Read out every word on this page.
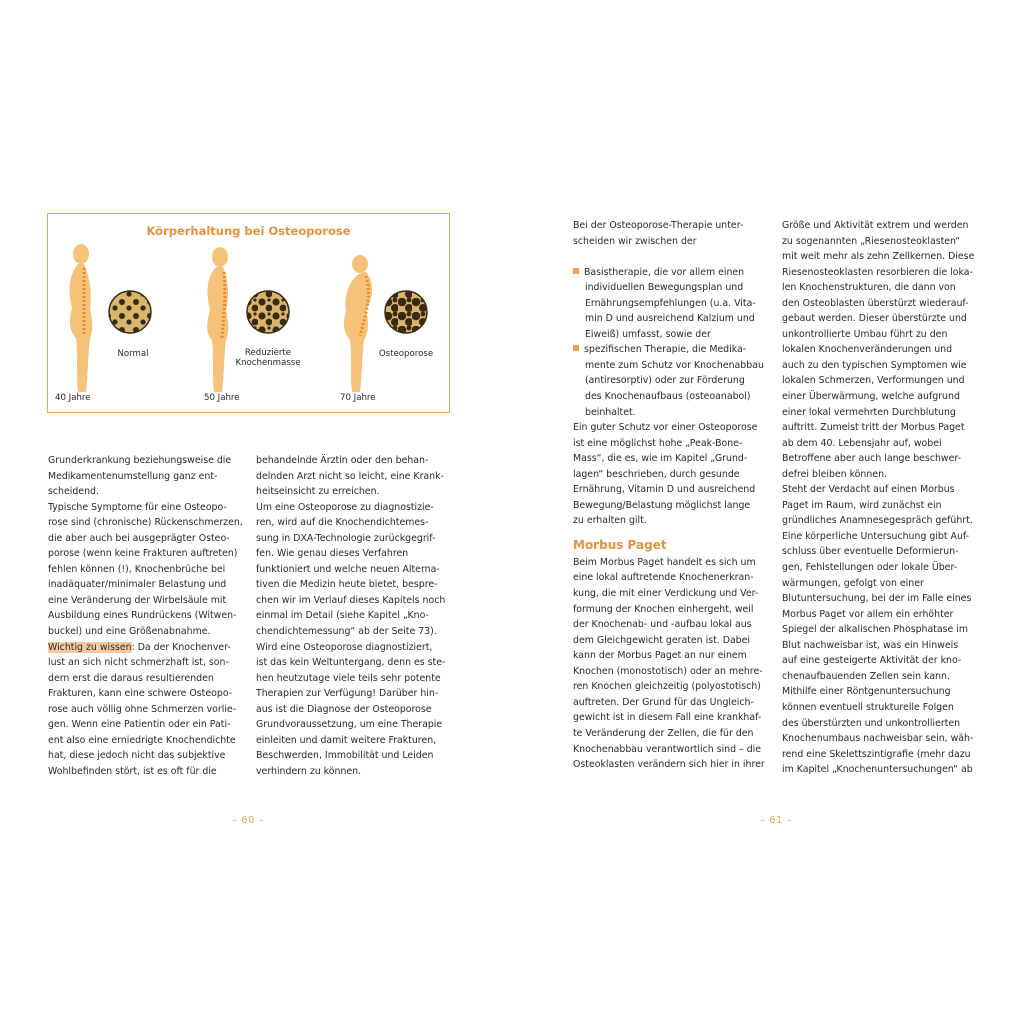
Körperhaltung bei Osteoporose
Normal	Reduzierte
Knochenmasse
Osteoporose
40 Jahre	50 Jahre	70 Jahre
Grunderkrankung beziehungsweise die
Medikamentenumstellung ganz ent-
scheidend.
Typische Symptome für eine Osteopo-
rose sind (chronische) Rückenschmerzen,
die aber auch bei ausgeprägter Osteo-
porose (wenn keine Frakturen auftreten)
fehlen können (!), Knochenbrüche bei
inadäquater/minimaler Belastung und
eine Veränderung der Wirbelsäule mit
Ausbildung eines Rundrückens (Witwen-
buckel) und eine Größenabnahme.
Wichtig zu wissen: Da der Knochenver-
lust an sich nicht schmerzhaft ist, son-
dern erst die daraus resultierenden
Frakturen, kann eine schwere Osteopo-
rose auch völlig ohne Schmerzen vorlie-
gen. Wenn eine Patientin oder ein Pati-
ent also eine erniedrigte Knochendichte
hat, diese jedoch nicht das subjektive
Wohlbefinden stört, ist es oft für die
behandelnde Ärztin oder den behan-
delnden Arzt nicht so leicht, eine Krank-
heitseinsicht zu erreichen.
Um eine Osteoporose zu diagnostizie-
ren, wird auf die Knochendichtemes-
sung in DXA-Technologie zurückgegrif-
fen. Wie genau dieses Verfahren
funktioniert und welche neuen Alterna-
tiven die Medizin heute bietet, bespre-
chen wir im Verlauf dieses Kapitels noch
einmal im Detail (siehe Kapitel „Kno-
chendichtemessung“ ab der Seite 73).
Wird eine Osteoporose diagnostiziert,
ist das kein Weltuntergang, denn es ste-
hen heutzutage viele teils sehr potente
Therapien zur Verfügung! Darüber hin-
aus ist die Diagnose der Osteoporose
Grundvoraussetzung, um eine Therapie
einleiten und damit weitere Frakturen,
Beschwerden, Immobilität und Leiden
verhindern zu können.
– 60 –
Bei der Osteoporose-Therapie unter-
scheiden wir zwischen der
Basistherapie, die vor allem einen
individuellen Bewegungsplan und
Ernährungsempfehlungen (u.a. Vita-
min D und ausreichend Kalzium und
Eiweiß) umfasst, sowie der
spezifischen Therapie, die Medika-
mente zum Schutz vor Knochenabbau
(antiresorptiv) oder zur Förderung
des Knochenaufbaus (osteoanabol)
beinhaltet.
Ein guter Schutz vor einer Osteoporose
ist eine möglichst hohe „Peak-Bone-
Mass“, die es, wie im Kapitel „Grund-
lagen“ beschrieben, durch gesunde
Ernährung, Vitamin D und ausreichend
Bewegung/Belastung möglichst lange
zu erhalten gilt.
Morbus Paget
Beim Morbus Paget handelt es sich um
eine lokal auftretende Knochenerkran-
kung, die mit einer Verdickung und Ver-
formung der Knochen einhergeht, weil
der Knochenab- und -aufbau lokal aus
dem Gleichgewicht geraten ist. Dabei
kann der Morbus Paget an nur einem
Knochen (monostotisch) oder an mehre-
ren Knochen gleichzeitig (polyostotisch)
auftreten. Der Grund für das Ungleich-
gewicht ist in diesem Fall eine krankhaf-
te Veränderung der Zellen, die für den
Knochenabbau verantwortlich sind – die
Osteoklasten verändern sich hier in ihrer
Größe und Aktivität extrem und werden
zu sogenannten „Riesenosteoklasten“
mit weit mehr als zehn Zellkernen. Diese
Riesenosteoklasten resorbieren die loka-
len Knochenstrukturen, die dann von
den Osteoblasten überstürzt wiederauf-
gebaut werden. Dieser überstürzte und
unkontrollierte Umbau führt zu den
lokalen Knochenveränderungen und
auch zu den typischen Symptomen wie
lokalen Schmerzen, Verformungen und
einer Überwärmung, welche aufgrund
einer lokal vermehrten Durchblutung
auftritt. Zumeist tritt der Morbus Paget
ab dem 40. Lebensjahr auf, wobei
Betroffene aber auch lange beschwer-
defrei bleiben können.
Steht der Verdacht auf einen Morbus
Paget im Raum, wird zunächst ein
gründliches Anamnesegespräch geführt.
Eine körperliche Untersuchung gibt Auf-
schluss über eventuelle Deformierun-
gen, Fehlstellungen oder lokale Über-
wärmungen, gefolgt von einer
Blutuntersuchung, bei der im Falle eines
Morbus Paget vor allem ein erhöhter
Spiegel der alkalischen Phosphatase im
Blut nachweisbar ist, was ein Hinweis
auf eine gesteigerte Aktivität der kno-
chenaufbauenden Zellen sein kann.
Mithilfe einer Röntgenuntersuchung
können eventuell strukturelle Folgen
des überstürzten und unkontrollierten
Knochenumbaus nachweisbar sein, wäh-
rend eine Skelettszintigrafie (mehr dazu
im Kapitel „Knochenuntersuchungen“ ab
– 61 –
